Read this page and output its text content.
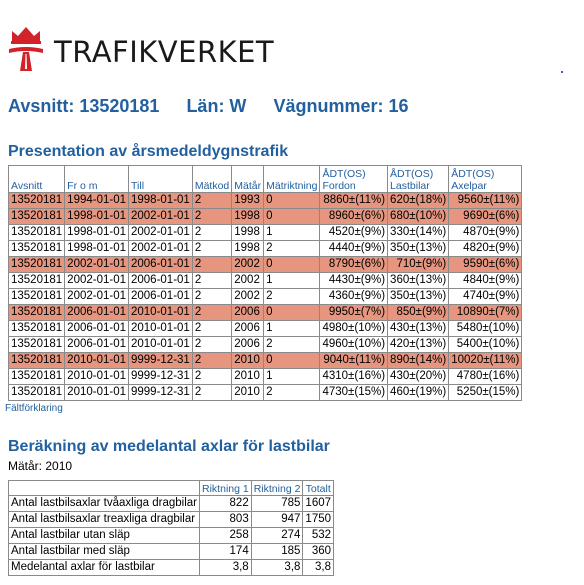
TRAFIKVERKET
Avsnitt: 13520181 Län: W Vägnummer: 16
Presentation av årsmedeldygnstrafik
Avsnitt	Fr o m	Till	Mätkod	Mätår	Mätriktning	ÅDT(OS)
Fordon	ÅDT(OS)
Lastbilar	ÅDT(OS)
Axelpar
13520181	1994-01-01	1998-01-01	2	1993	0	8860±(11%)	620±(18%)	9560±(11%)
13520181	1998-01-01	2002-01-01	2	1998	0	8960±(6%)	680±(10%)	9690±(6%)
13520181	1998-01-01	2002-01-01	2	1998	1	4520±(9%)	330±(14%)	4870±(9%)
13520181	1998-01-01	2002-01-01	2	1998	2	4440±(9%)	350±(13%)	4820±(9%)
13520181	2002-01-01	2006-01-01	2	2002	0	8790±(6%)	710±(9%)	9590±(6%)
13520181	2002-01-01	2006-01-01	2	2002	1	4430±(9%)	360±(13%)	4840±(9%)
13520181	2002-01-01	2006-01-01	2	2002	2	4360±(9%)	350±(13%)	4740±(9%)
13520181	2006-01-01	2010-01-01	2	2006	0	9950±(7%)	850±(9%)	10890±(7%)
13520181	2006-01-01	2010-01-01	2	2006	1	4980±(10%)	430±(13%)	5480±(10%)
13520181	2006-01-01	2010-01-01	2	2006	2	4960±(10%)	420±(13%)	5400±(10%)
13520181	2010-01-01	9999-12-31	2	2010	0	9040±(11%)	890±(14%)	10020±(11%)
13520181	2010-01-01	9999-12-31	2	2010	1	4310±(16%)	430±(20%)	4780±(16%)
13520181	2010-01-01	9999-12-31	2	2010	2	4730±(15%)	460±(19%)	5250±(15%)
Fältförklaring
Beräkning av medelantal axlar för lastbilar
Mätår: 2010
	Riktning 1	Riktning 2	Totalt
Antal lastbilsaxlar tvåaxliga dragbilar	822	785	1607
Antal lastbilsaxlar treaxliga dragbilar	803	947	1750
Antal lastbilar utan släp	258	274	532
Antal lastbilar med släp	174	185	360
Medelantal axlar för lastbilar	3,8	3,8	3,8
